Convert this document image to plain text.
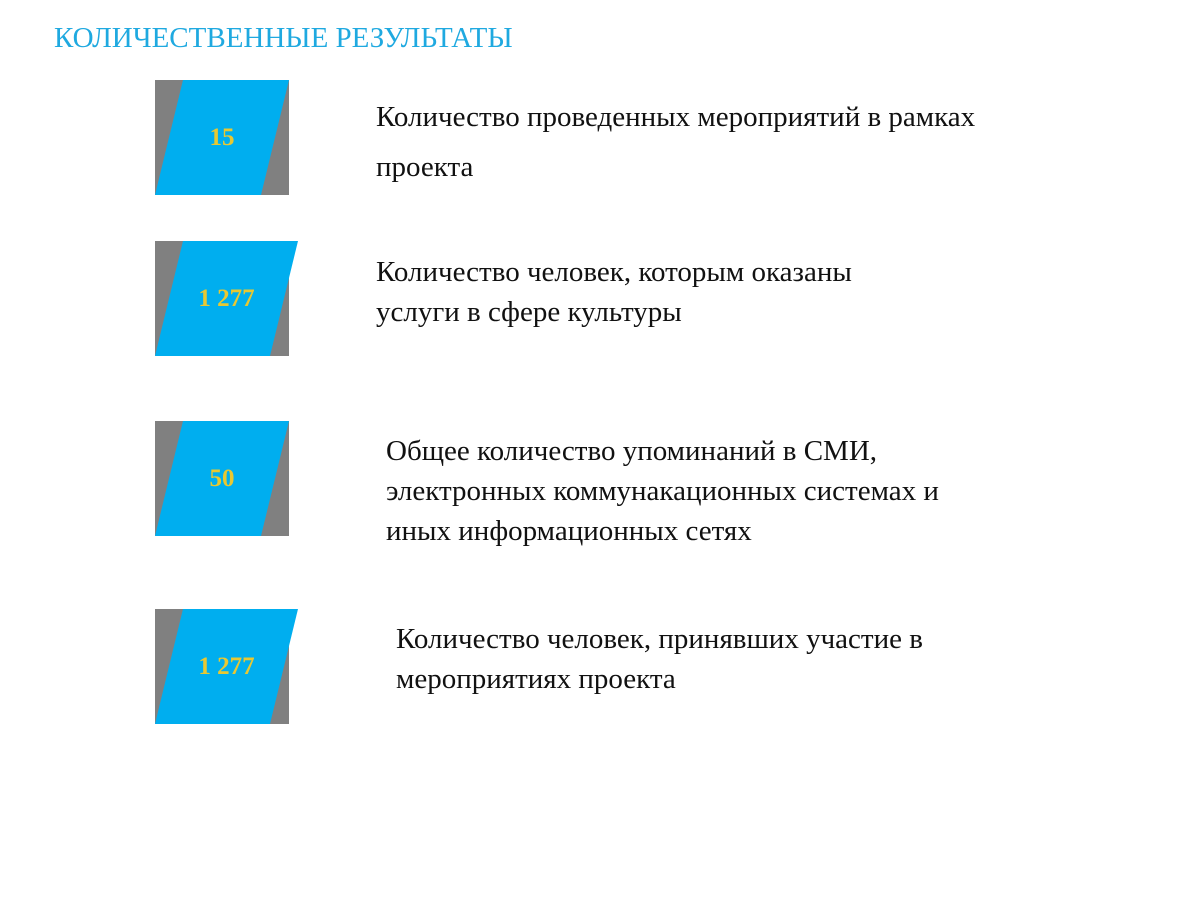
КОЛИЧЕСТВЕННЫЕ РЕЗУЛЬТАТЫ
15
Количество проведенных мероприятий в рамках
проекта
1 277
Количество человек, которым оказаны
услуги в сфере культуры
50
Общее количество упоминаний в СМИ,
электронных коммунакационных системах и
иных информационных сетях
1 277
Количество человек, принявших участие в
мероприятиях проекта
